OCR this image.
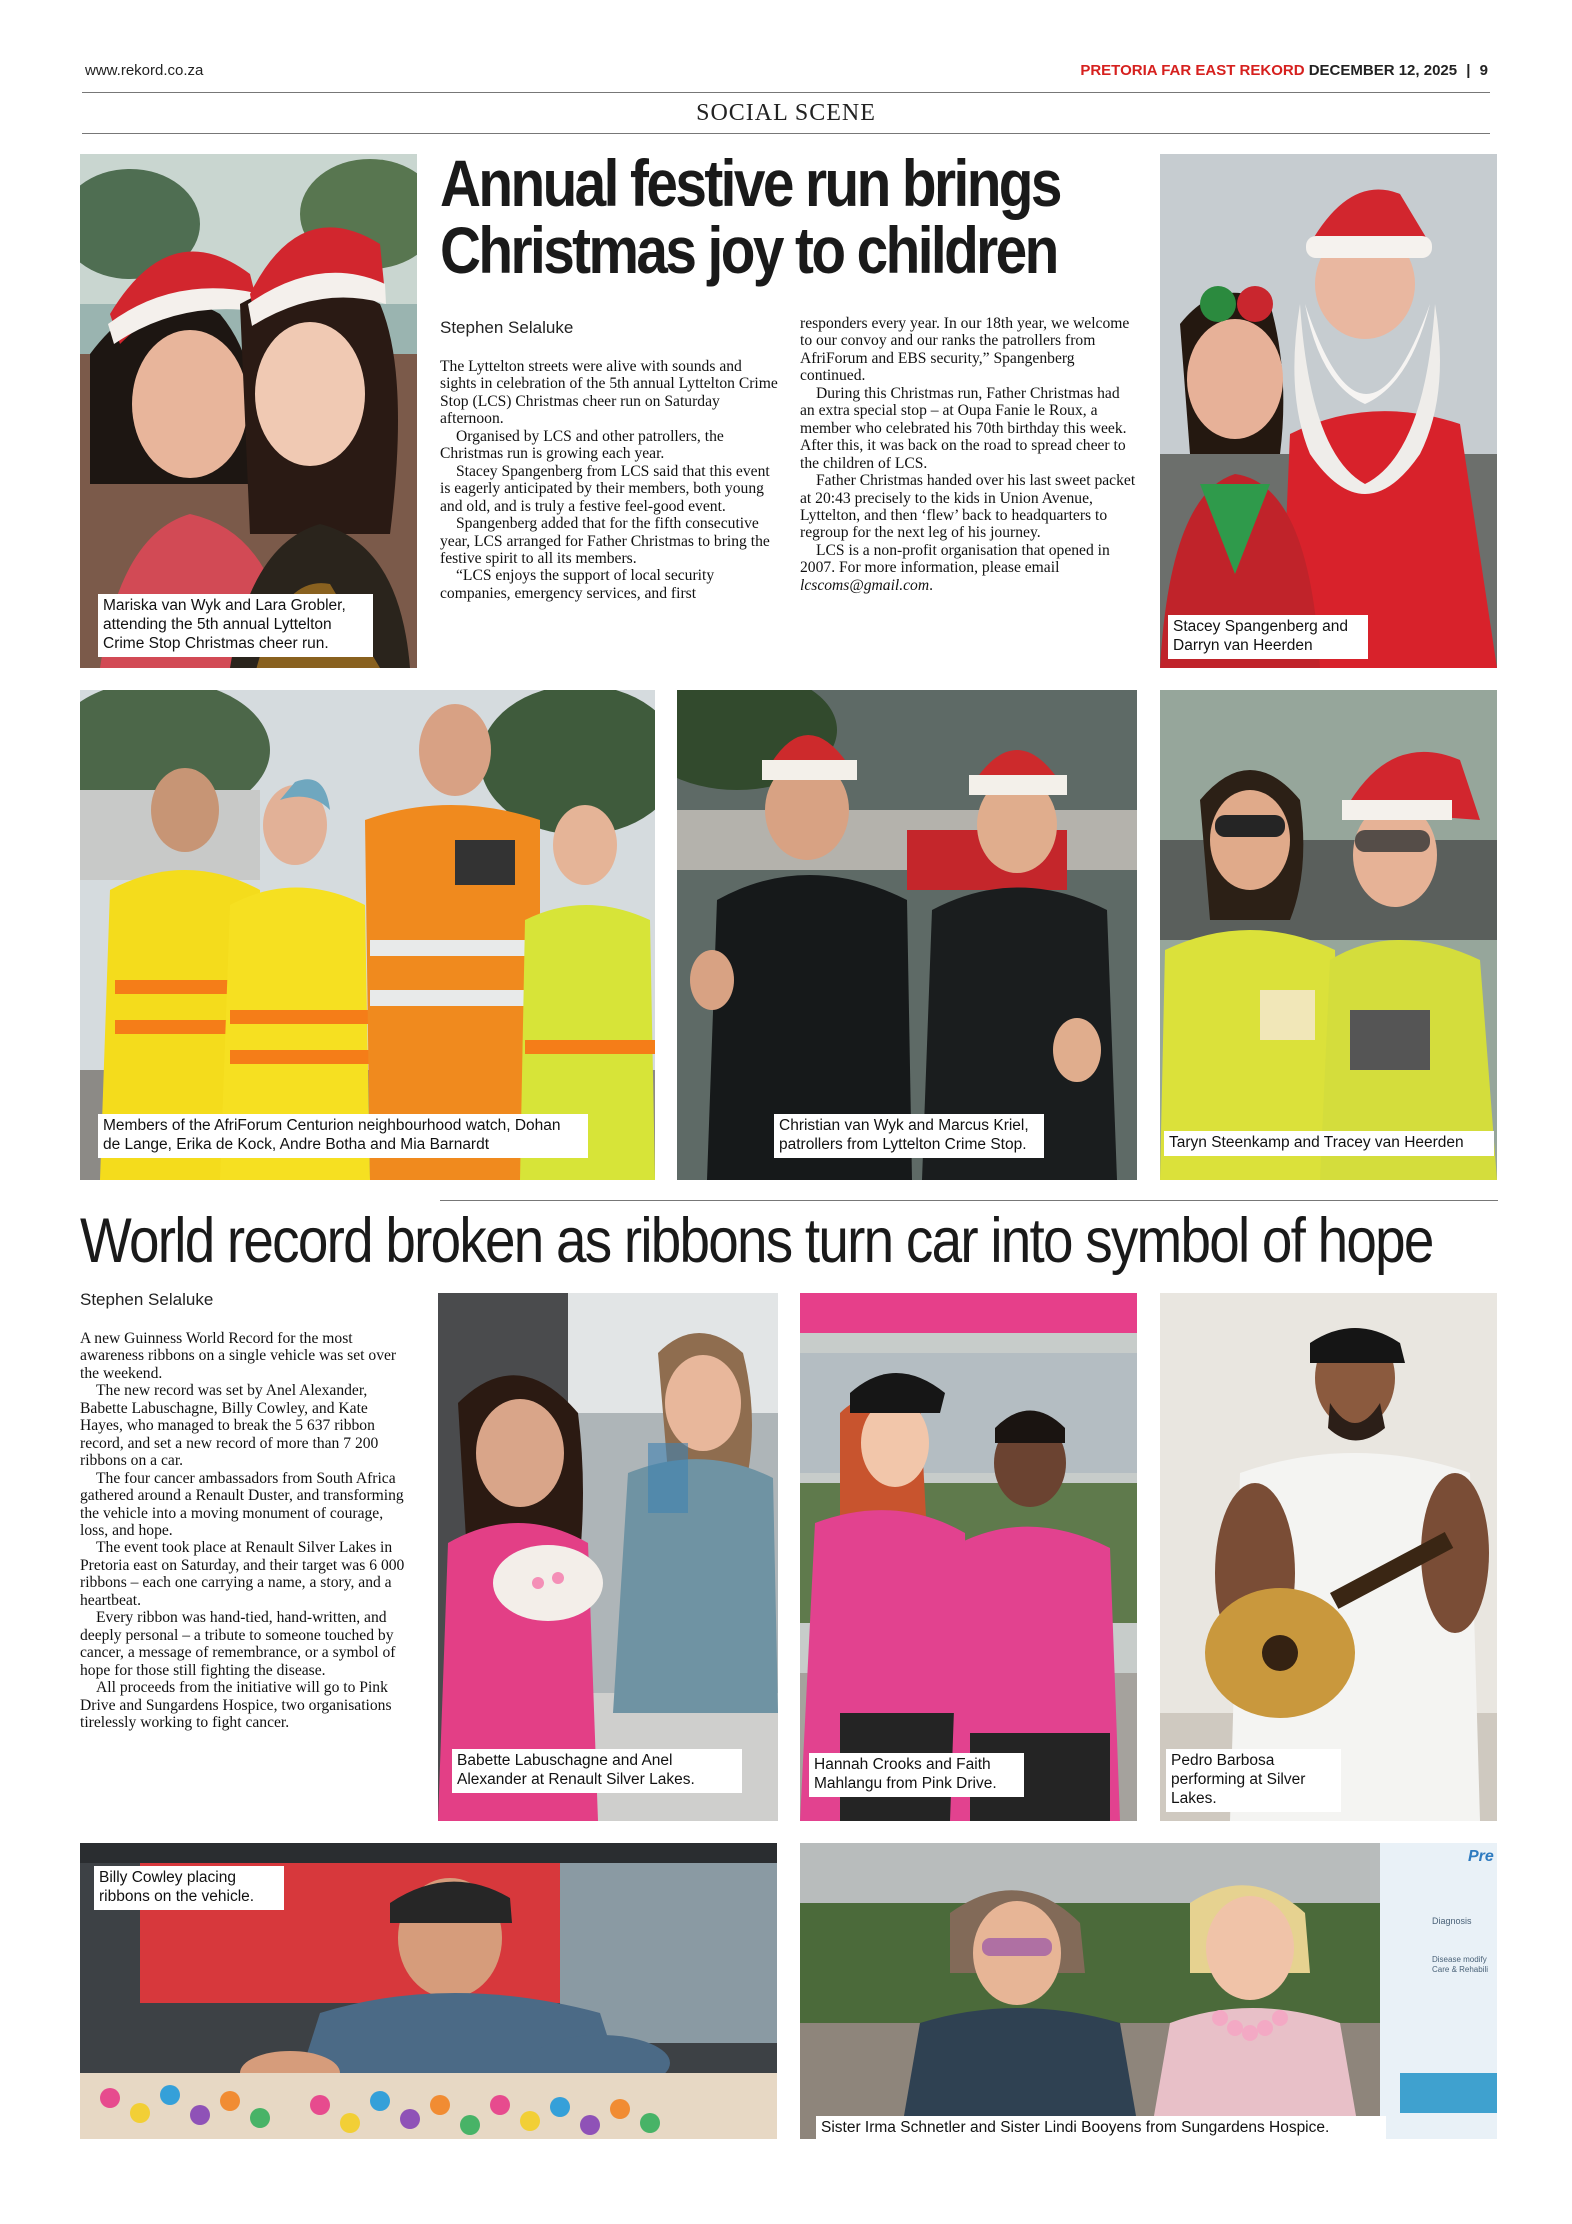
www.rekord.co.za	PRETORIA FAR EAST REKORD DECEMBER 12, 2025 | 9
SOCIAL SCENE
Mariska van Wyk and Lara Grobler, attending the 5th annual Lyttelton Crime Stop Christmas cheer run.
Annual festive run brings
Christmas joy to children
Stephen Selaluke

The Lyttelton streets were alive with sounds and sights in celebration of the 5th annual Lyttelton Crime Stop (LCS) Christmas cheer run on Saturday afternoon.

Organised by LCS and other patrollers, the Christmas run is growing each year.

Stacey Spangenberg from LCS said that this event is eagerly anticipated by their members, both young and old, and is truly a festive feel-good event.

Spangenberg added that for the fifth consecutive year, LCS arranged for Father Christmas to bring the festive spirit to all its members.

“LCS enjoys the support of local security companies, emergency services, and first

responders every year. In our 18th year, we welcome to our convoy and our ranks the patrollers from AfriForum and EBS security,” Spangenberg continued.

During this Christmas run, Father Christmas had an extra special stop – at Oupa Fanie le Roux, a member who celebrated his 70th birthday this week. After this, it was back on the road to spread cheer to the children of LCS.

Father Christmas handed over his last sweet packet at 20:43 precisely to the kids in Union Avenue, Lyttelton, and then ‘flew’ back to headquarters to regroup for the next leg of his journey.

LCS is a non-profit organisation that opened in 2007. For more information, please email lcscoms@gmail.com.

Stacey Spangenberg and Darryn van Heerden
Members of the AfriForum Centurion neighbourhood watch, Dohan de Lange, Erika de Kock, Andre Botha and Mia Barnardt
Christian van Wyk and Marcus Kriel, patrollers from Lyttelton Crime Stop.	Taryn Steenkamp and Tracey van Heerden
World record broken as ribbons turn car into symbol of hope
Stephen Selaluke

A new Guinness World Record for the most awareness ribbons on a single vehicle was set over the weekend.

The new record was set by Anel Alexander, Babette Labuschagne, Billy Cowley, and Kate Hayes, who managed to break the 5 637 ribbon record, and set a new record of more than 7 200 ribbons on a car.

The four cancer ambassadors from South Africa gathered around a Renault Duster, and transforming the vehicle into a moving monument of courage, loss, and hope.

The event took place at Renault Silver Lakes in Pretoria east on Saturday, and their target was 6 000 ribbons – each one carrying a name, a story, and a heartbeat.

Every ribbon was hand-tied, hand-written, and deeply personal – a tribute to someone touched by cancer, a message of remembrance, or a symbol of hope for those still fighting the disease.

All proceeds from the initiative will go to Pink Drive and Sungardens Hospice, two organisations tirelessly working to fight cancer.

Babette Labuschagne and Anel Alexander at Renault Silver Lakes.
Hannah Crooks and Faith Mahlangu from Pink Drive.
Pedro Barbosa performing at Silver Lakes.
Billy Cowley placing ribbons on the vehicle.
Pre
Diagnosis
Disease modify Care & Rehabili
Sister Irma Schnetler and Sister Lindi Booyens from Sungardens Hospice.
